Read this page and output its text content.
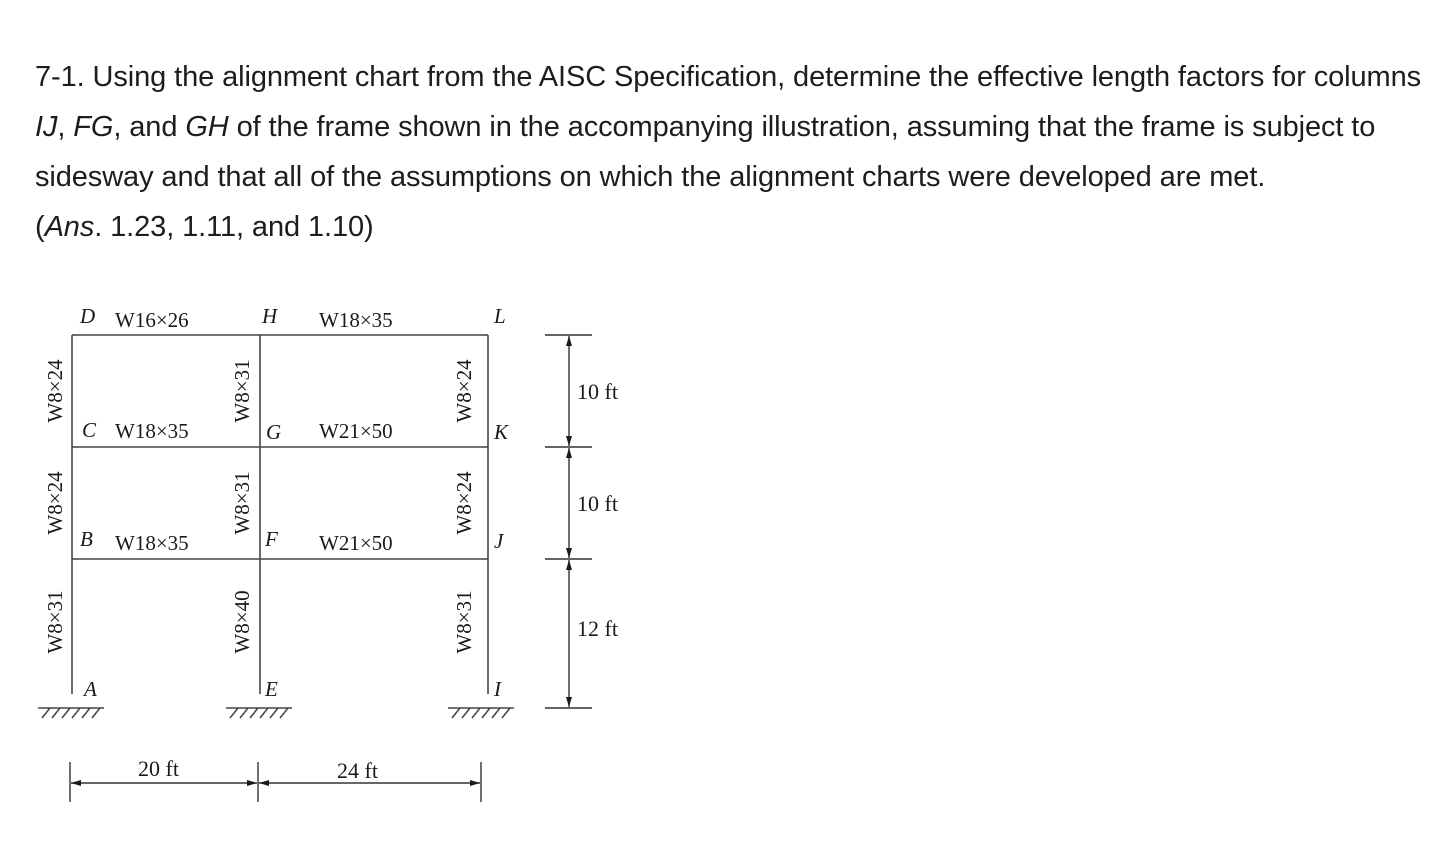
7-1. Using the alignment chart from the AISC Specification, determine the effective length factors for columns IJ, FG, and GH of the frame shown in the accompanying illustration, assuming that the frame is subject to sidesway and that all of the assumptions on which the alignment charts were developed are met.

(Ans. 1.23, 1.11, and 1.10)

D	H	L
C	G	K
B	F	J
A	E	I
W16×26	W18×35
W18×35	W21×50
W18×35	W21×50
W8×24
W8×24
W8×31
W8×31
W8×31
W8×40
W8×24
W8×24
W8×31
10 ft
10 ft
12 ft
20 ft	24 ft
